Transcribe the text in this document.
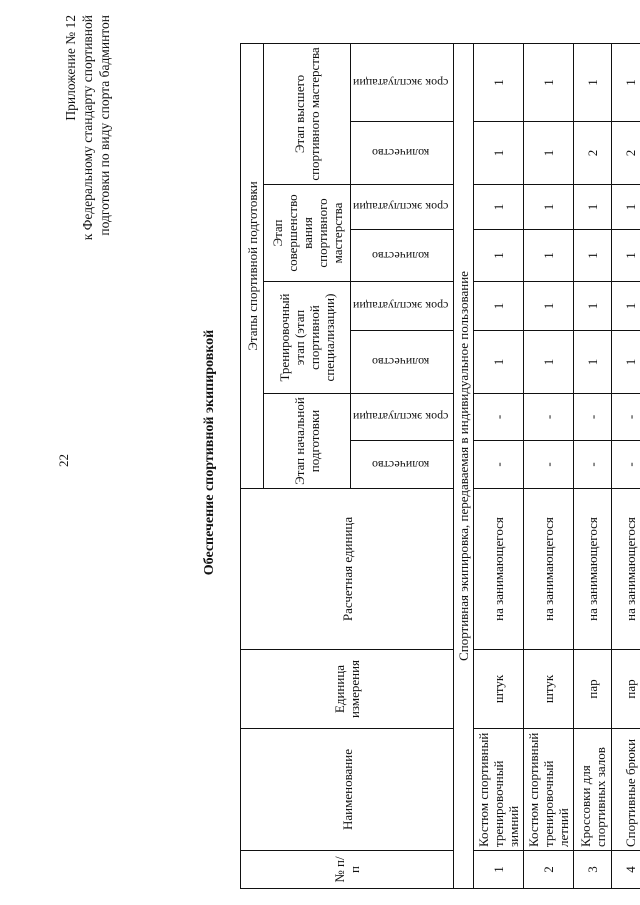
22
Приложение № 12 к Федеральному стандарту спортивной подготовки по виду спорта бадминтон
Обеспечение спортивной экипировкой
№ п/п	Наименование	Единица измерения	Расчетная единица	Этапы спортивной подготовки							
				Этап начальной подготовки		Тренировочный этап (этап спортивной специализации)		Этап совершенство вания спортивного мастерства		Этап высшего спортивного мастерства	
				количество	срок эксплуатации	количество	срок эксплуатации	количество	срок эксплуатации	количество	срок эксплуатации
Спортивная экипировка, передаваемая в индивидуальное пользование											
1	Костюм спортивный тренировочный зимний	штук	на занимающегося	-	-	1	1	1	1	1	1
2	Костюм спортивный тренировочный летний	штук	на занимающегося	-	-	1	1	1	1	1	1
3	Кроссовки для спортивных залов	пар	на занимающегося	-	-	1	1	1	1	2	1
4	Спортивные брюки	пар	на занимающегося	-	-	1	1	1	1	2	1
